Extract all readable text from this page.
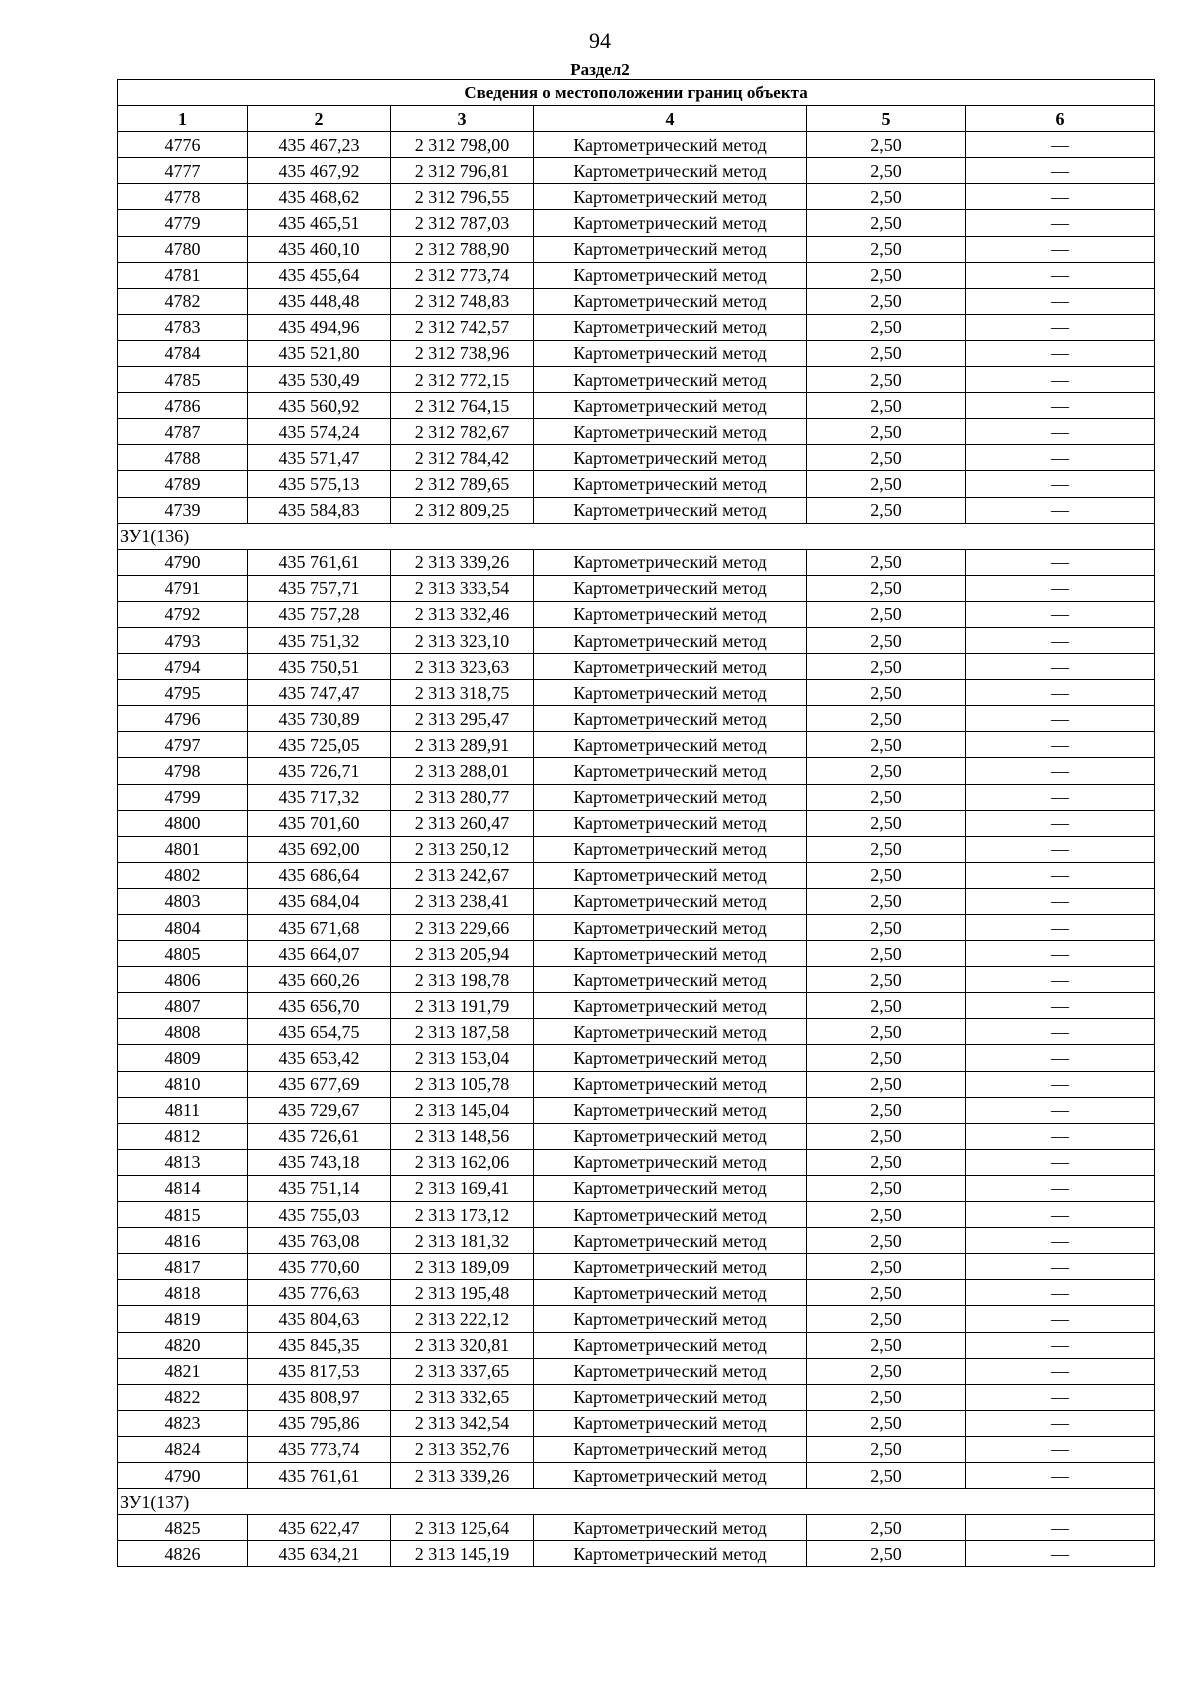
94
Раздел2
Сведения о местоположении границ объекта					
1	2	3	4	5	6
4776	435 467,23	2 312 798,00	Картометрический метод	2,50	—
4777	435 467,92	2 312 796,81	Картометрический метод	2,50	—
4778	435 468,62	2 312 796,55	Картометрический метод	2,50	—
4779	435 465,51	2 312 787,03	Картометрический метод	2,50	—
4780	435 460,10	2 312 788,90	Картометрический метод	2,50	—
4781	435 455,64	2 312 773,74	Картометрический метод	2,50	—
4782	435 448,48	2 312 748,83	Картометрический метод	2,50	—
4783	435 494,96	2 312 742,57	Картометрический метод	2,50	—
4784	435 521,80	2 312 738,96	Картометрический метод	2,50	—
4785	435 530,49	2 312 772,15	Картометрический метод	2,50	—
4786	435 560,92	2 312 764,15	Картометрический метод	2,50	—
4787	435 574,24	2 312 782,67	Картометрический метод	2,50	—
4788	435 571,47	2 312 784,42	Картометрический метод	2,50	—
4789	435 575,13	2 312 789,65	Картометрический метод	2,50	—
4739	435 584,83	2 312 809,25	Картометрический метод	2,50	—
ЗУ1(136)					
4790	435 761,61	2 313 339,26	Картометрический метод	2,50	—
4791	435 757,71	2 313 333,54	Картометрический метод	2,50	—
4792	435 757,28	2 313 332,46	Картометрический метод	2,50	—
4793	435 751,32	2 313 323,10	Картометрический метод	2,50	—
4794	435 750,51	2 313 323,63	Картометрический метод	2,50	—
4795	435 747,47	2 313 318,75	Картометрический метод	2,50	—
4796	435 730,89	2 313 295,47	Картометрический метод	2,50	—
4797	435 725,05	2 313 289,91	Картометрический метод	2,50	—
4798	435 726,71	2 313 288,01	Картометрический метод	2,50	—
4799	435 717,32	2 313 280,77	Картометрический метод	2,50	—
4800	435 701,60	2 313 260,47	Картометрический метод	2,50	—
4801	435 692,00	2 313 250,12	Картометрический метод	2,50	—
4802	435 686,64	2 313 242,67	Картометрический метод	2,50	—
4803	435 684,04	2 313 238,41	Картометрический метод	2,50	—
4804	435 671,68	2 313 229,66	Картометрический метод	2,50	—
4805	435 664,07	2 313 205,94	Картометрический метод	2,50	—
4806	435 660,26	2 313 198,78	Картометрический метод	2,50	—
4807	435 656,70	2 313 191,79	Картометрический метод	2,50	—
4808	435 654,75	2 313 187,58	Картометрический метод	2,50	—
4809	435 653,42	2 313 153,04	Картометрический метод	2,50	—
4810	435 677,69	2 313 105,78	Картометрический метод	2,50	—
4811	435 729,67	2 313 145,04	Картометрический метод	2,50	—
4812	435 726,61	2 313 148,56	Картометрический метод	2,50	—
4813	435 743,18	2 313 162,06	Картометрический метод	2,50	—
4814	435 751,14	2 313 169,41	Картометрический метод	2,50	—
4815	435 755,03	2 313 173,12	Картометрический метод	2,50	—
4816	435 763,08	2 313 181,32	Картометрический метод	2,50	—
4817	435 770,60	2 313 189,09	Картометрический метод	2,50	—
4818	435 776,63	2 313 195,48	Картометрический метод	2,50	—
4819	435 804,63	2 313 222,12	Картометрический метод	2,50	—
4820	435 845,35	2 313 320,81	Картометрический метод	2,50	—
4821	435 817,53	2 313 337,65	Картометрический метод	2,50	—
4822	435 808,97	2 313 332,65	Картометрический метод	2,50	—
4823	435 795,86	2 313 342,54	Картометрический метод	2,50	—
4824	435 773,74	2 313 352,76	Картометрический метод	2,50	—
4790	435 761,61	2 313 339,26	Картометрический метод	2,50	—
ЗУ1(137)					
4825	435 622,47	2 313 125,64	Картометрический метод	2,50	—
4826	435 634,21	2 313 145,19	Картометрический метод	2,50	—
